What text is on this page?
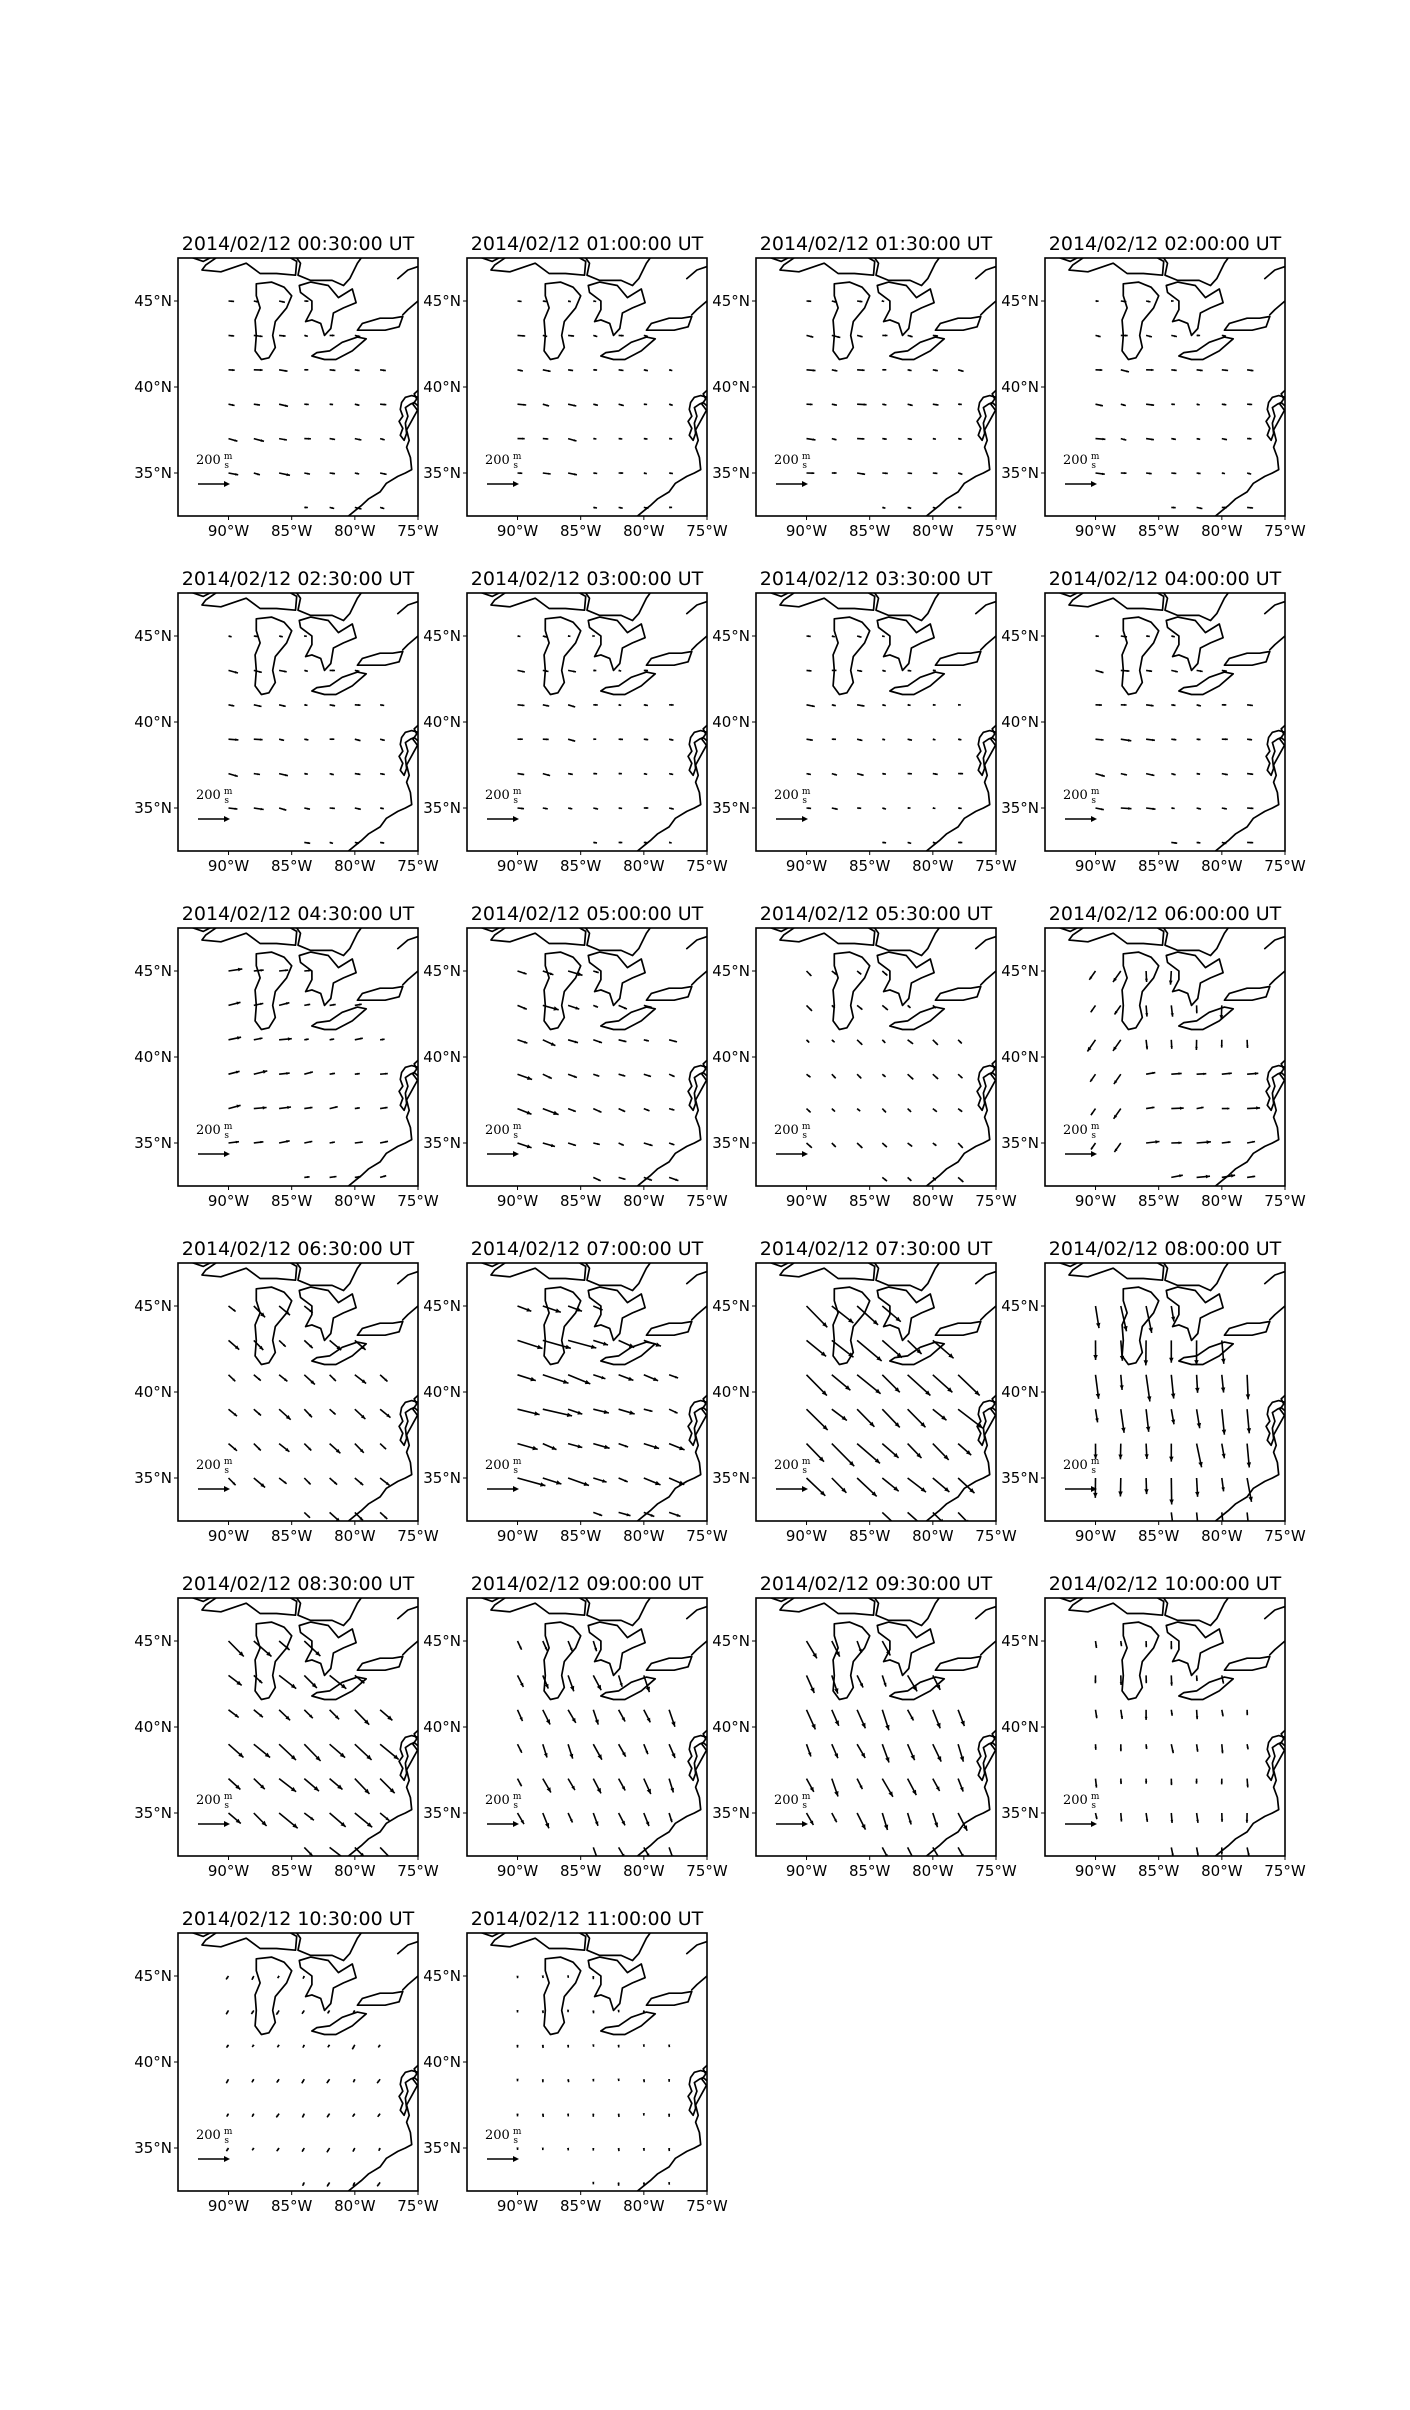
2014/02/12 00:30:00 UT
200 $^m$ s
90°W 85°W 80°W 75°W
45°N
40°N
35°N
2014/02/12 01:00:00 UT
200 $^m$ s
90°W 85°W 80°W 75°W
45°N
40°N
35°N
2014/02/12 01:30:00 UT
200 $^m$ s
90°W 85°W 80°W 75°W
45°N
40°N
35°N
2014/02/12 02:00:00 UT
200 $^m$ s
90°W 85°W 80°W 75°W
45°N
40°N
35°N
2014/02/12 02:30:00 UT
200 $^m$ s
90°W 85°W 80°W 75°W
45°N
40°N
35°N
2014/02/12 03:00:00 UT
200 $^m$ s
90°W 85°W 80°W 75°W
45°N
40°N
35°N
2014/02/12 03:30:00 UT
200 $^m$ s
90°W 85°W 80°W 75°W
45°N
40°N
35°N
2014/02/12 04:00:00 UT
200 $^m$ s
90°W 85°W 80°W 75°W
45°N
40°N
35°N
2014/02/12 04:30:00 UT
200 $^m$ s
90°W 85°W 80°W 75°W
45°N
40°N
35°N
2014/02/12 05:00:00 UT
200 $^m$ s
90°W 85°W 80°W 75°W
45°N
40°N
35°N
2014/02/12 05:30:00 UT
200 $^m$ s
90°W 85°W 80°W 75°W
45°N
40°N
35°N
2014/02/12 06:00:00 UT
200 $^m$ s
90°W 85°W 80°W 75°W
45°N
40°N
35°N
2014/02/12 06:30:00 UT
200 $^m$ s
90°W 85°W 80°W 75°W
45°N
40°N
35°N
2014/02/12 07:00:00 UT
200 $^m$ s
90°W 85°W 80°W 75°W
45°N
40°N
35°N
2014/02/12 07:30:00 UT
200 $^m$ s
90°W 85°W 80°W 75°W
45°N
40°N
35°N
2014/02/12 08:00:00 UT
200 $^m$ s
90°W 85°W 80°W 75°W
45°N
40°N
35°N
2014/02/12 08:30:00 UT
200 $^m$ s
90°W 85°W 80°W 75°W
45°N
40°N
35°N
2014/02/12 09:00:00 UT
200 $^m$ s
90°W 85°W 80°W 75°W
45°N
40°N
35°N
2014/02/12 09:30:00 UT
200 $^m$ s
90°W 85°W 80°W 75°W
45°N
40°N
35°N
2014/02/12 10:00:00 UT
200 $^m$ s
90°W 85°W 80°W 75°W
45°N
40°N
35°N
2014/02/12 10:30:00 UT
200 $^m$ s
90°W 85°W 80°W 75°W
45°N
40°N
35°N
2014/02/12 11:00:00 UT
200 $^m$ s
90°W 85°W 80°W 75°W
45°N
40°N
35°N
